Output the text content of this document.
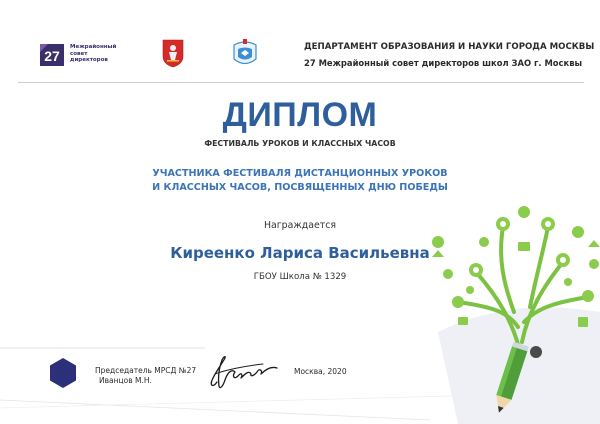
27
Межрайонный
совет
директоров
ДЕПАРТАМЕНТ ОБРАЗОВАНИЯ И НАУКИ ГОРОДА МОСКВЫ
27 Межрайонный совет директоров школ ЗАО г. Москвы
ДИПЛОМ
ФЕСТИВАЛЬ УРОКОВ И КЛАССНЫХ ЧАСОВ
УЧАСТНИКА ФЕСТИВАЛЯ ДИСТАНЦИОННЫХ УРОКОВ
И КЛАССНЫХ ЧАСОВ, ПОСВЯЩЕННЫХ ДНЮ ПОБЕДЫ
Награждается
Киреенко Лариса Васильевна
ГБОУ Школа № 1329
Председатель МРСД №27
Иванцов М.Н.
Москва, 2020
